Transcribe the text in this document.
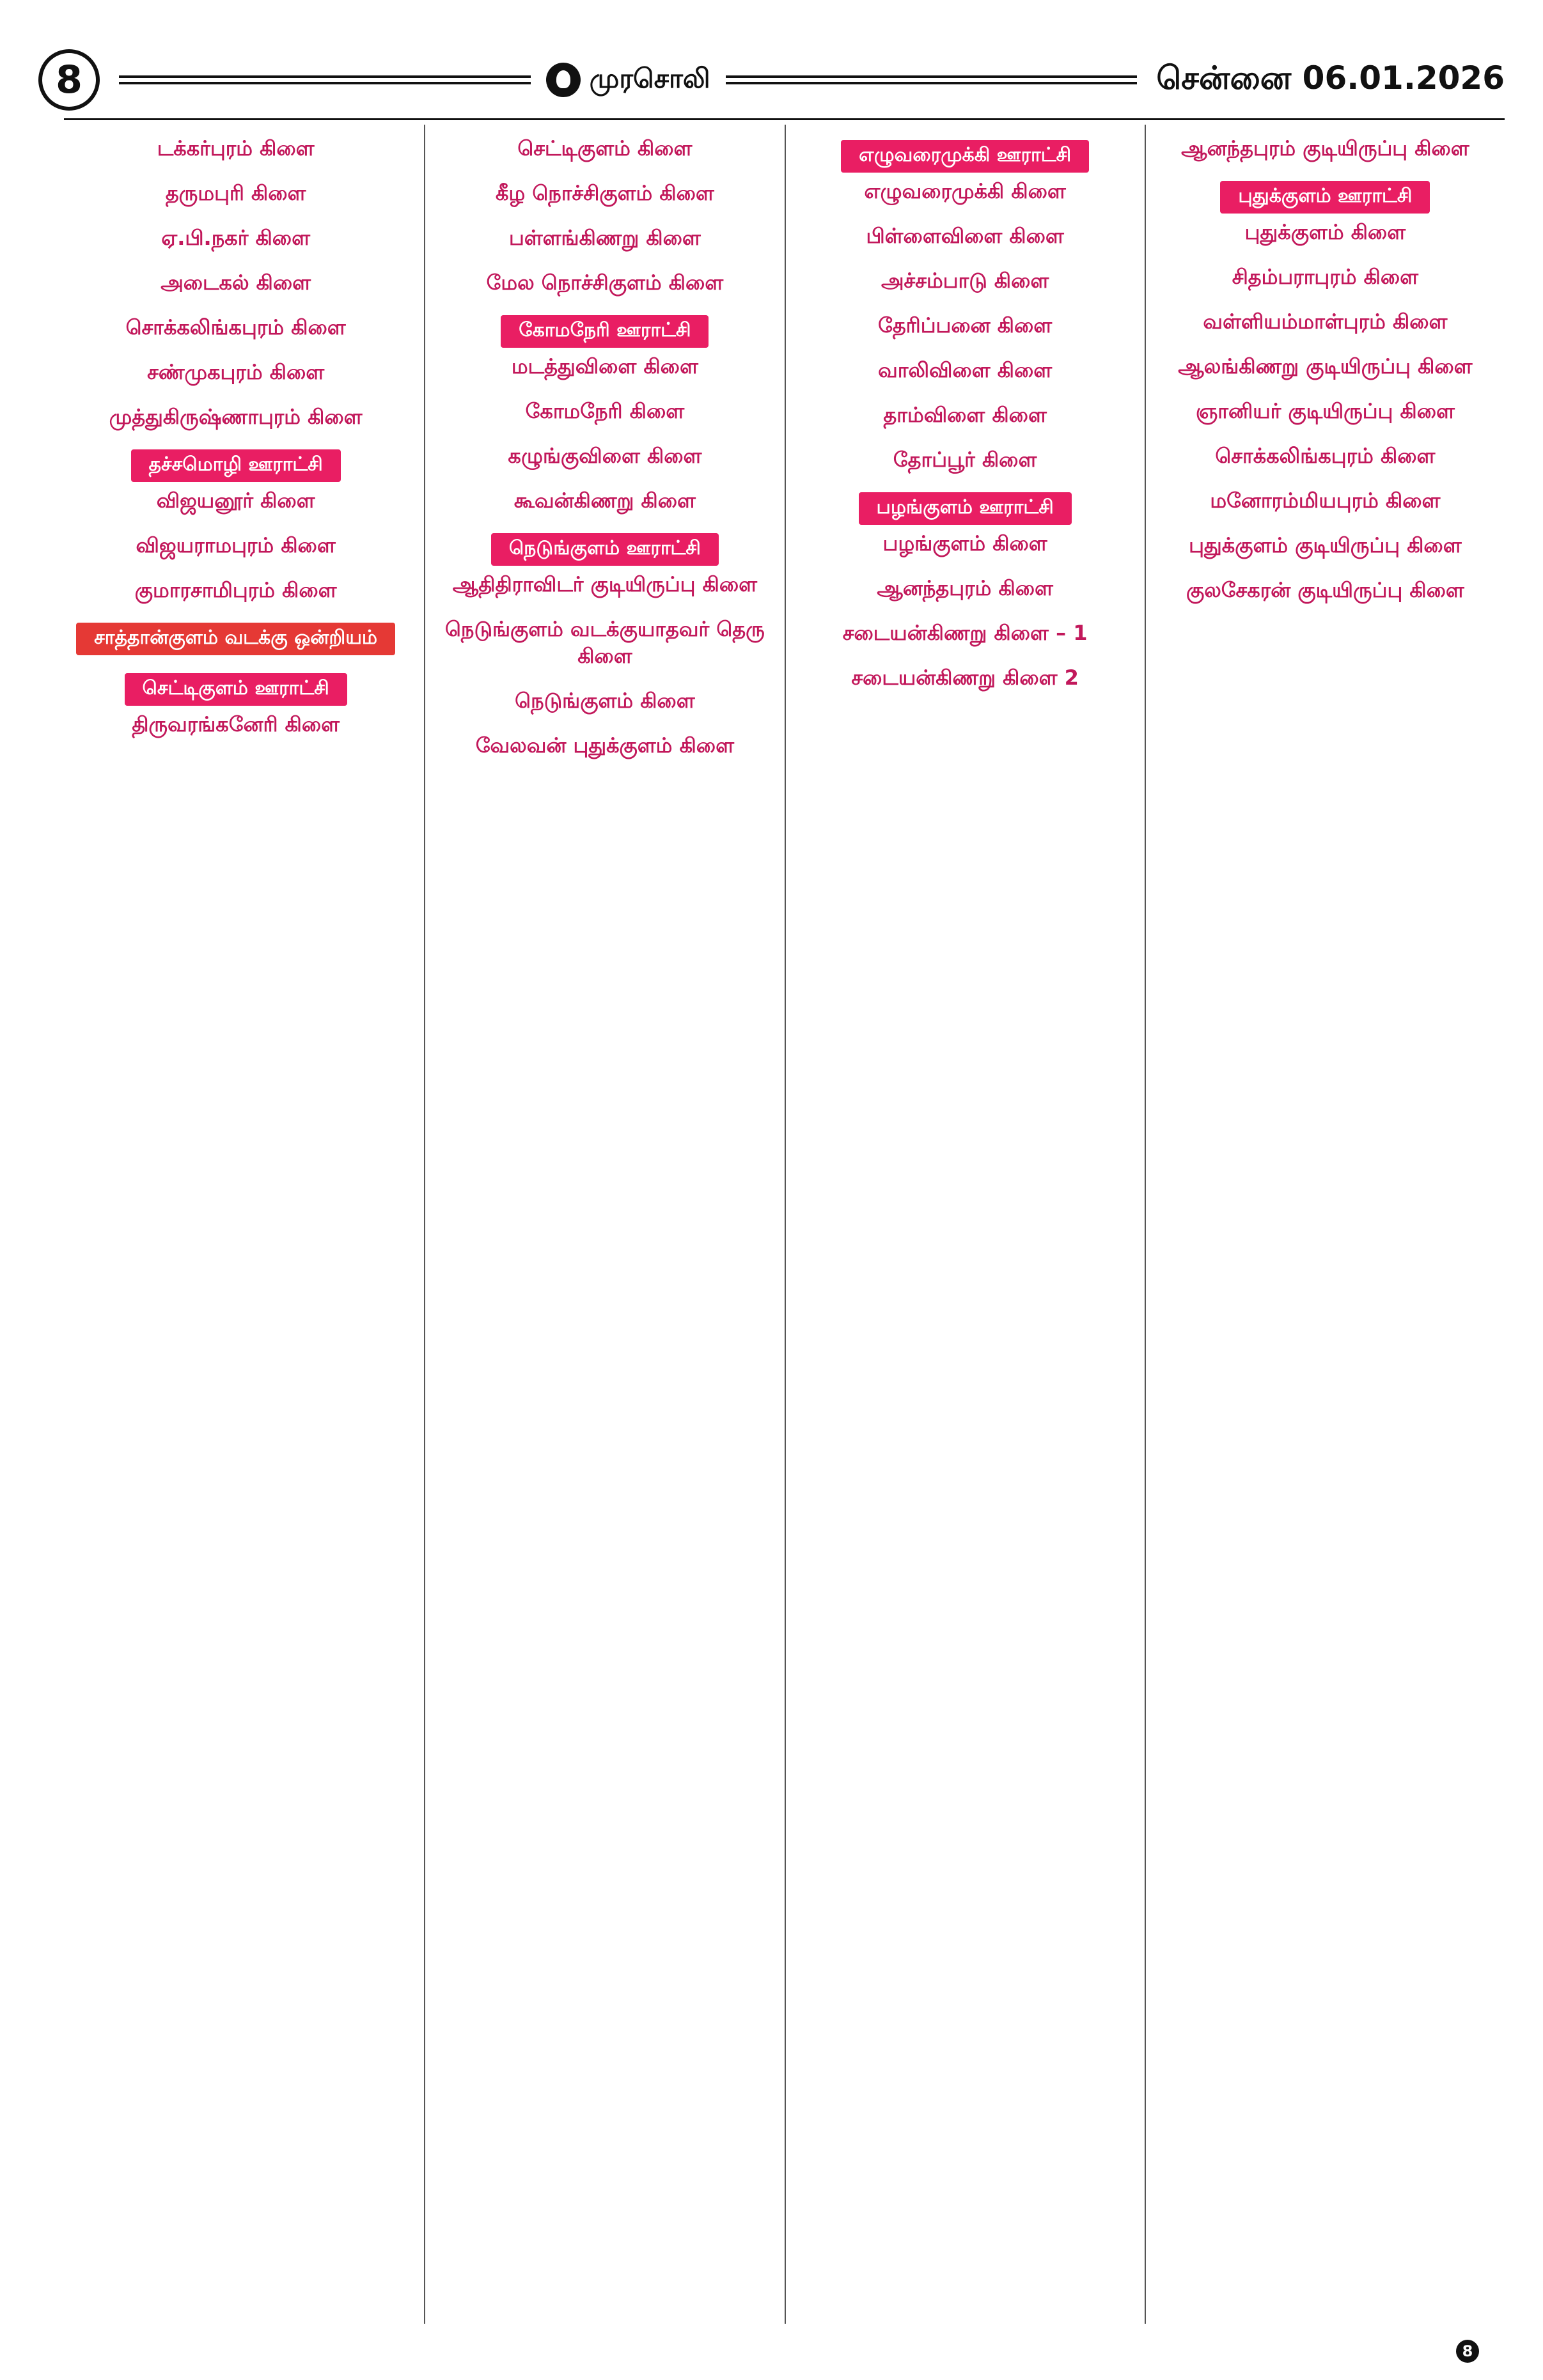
8	முரசொலி	சென்னை 06.01.2026
டக்கர்புரம் கிளை
தருமபுரி கிளை
ஏ.பி.நகர் கிளை
அடைகல் கிளை
சொக்கலிங்கபுரம் கிளை
சண்முகபுரம் கிளை
முத்துகிருஷ்ணாபுரம் கிளை
தச்சமொழி ஊராட்சி
விஜயனூர் கிளை
விஜயராமபுரம் கிளை
குமாரசாமிபுரம் கிளை
சாத்தான்குளம் வடக்கு ஒன்றியம்
செட்டிகுளம் ஊராட்சி
திருவரங்கனேரி கிளை
செட்டிகுளம் கிளை
கீழ நொச்சிகுளம் கிளை
பள்ளங்கிணறு கிளை
மேல நொச்சிகுளம் கிளை
கோமநேரி ஊராட்சி
மடத்துவிளை கிளை
கோமநேரி கிளை
கழுங்குவிளை கிளை
கூவன்கிணறு கிளை
நெடுங்குளம் ஊராட்சி
ஆதிதிராவிடர் குடியிருப்பு கிளை
நெடுங்குளம் வடக்குயாதவர் தெரு கிளை
நெடுங்குளம் கிளை
வேலவன் புதுக்குளம் கிளை
எழுவரைமுக்கி ஊராட்சி
எழுவரைமுக்கி கிளை
பிள்ளைவிளை கிளை
அச்சம்பாடு கிளை
தேரிப்பனை கிளை
வாலிவிளை கிளை
தாம்விளை கிளை
தோப்பூர் கிளை
பழங்குளம் ஊராட்சி
பழங்குளம் கிளை
ஆனந்தபுரம் கிளை
சடையன்கிணறு கிளை – 1
சடையன்கிணறு கிளை 2
ஆனந்தபுரம் குடியிருப்பு கிளை
புதுக்குளம் ஊராட்சி
புதுக்குளம் கிளை
சிதம்பராபுரம் கிளை
வள்ளியம்மாள்புரம் கிளை
ஆலங்கிணறு குடியிருப்பு கிளை
ஞானியர் குடியிருப்பு கிளை
சொக்கலிங்கபுரம் கிளை
மனோரம்மியபுரம் கிளை
புதுக்குளம் குடியிருப்பு கிளை
குலசேகரன் குடியிருப்பு கிளை
8
